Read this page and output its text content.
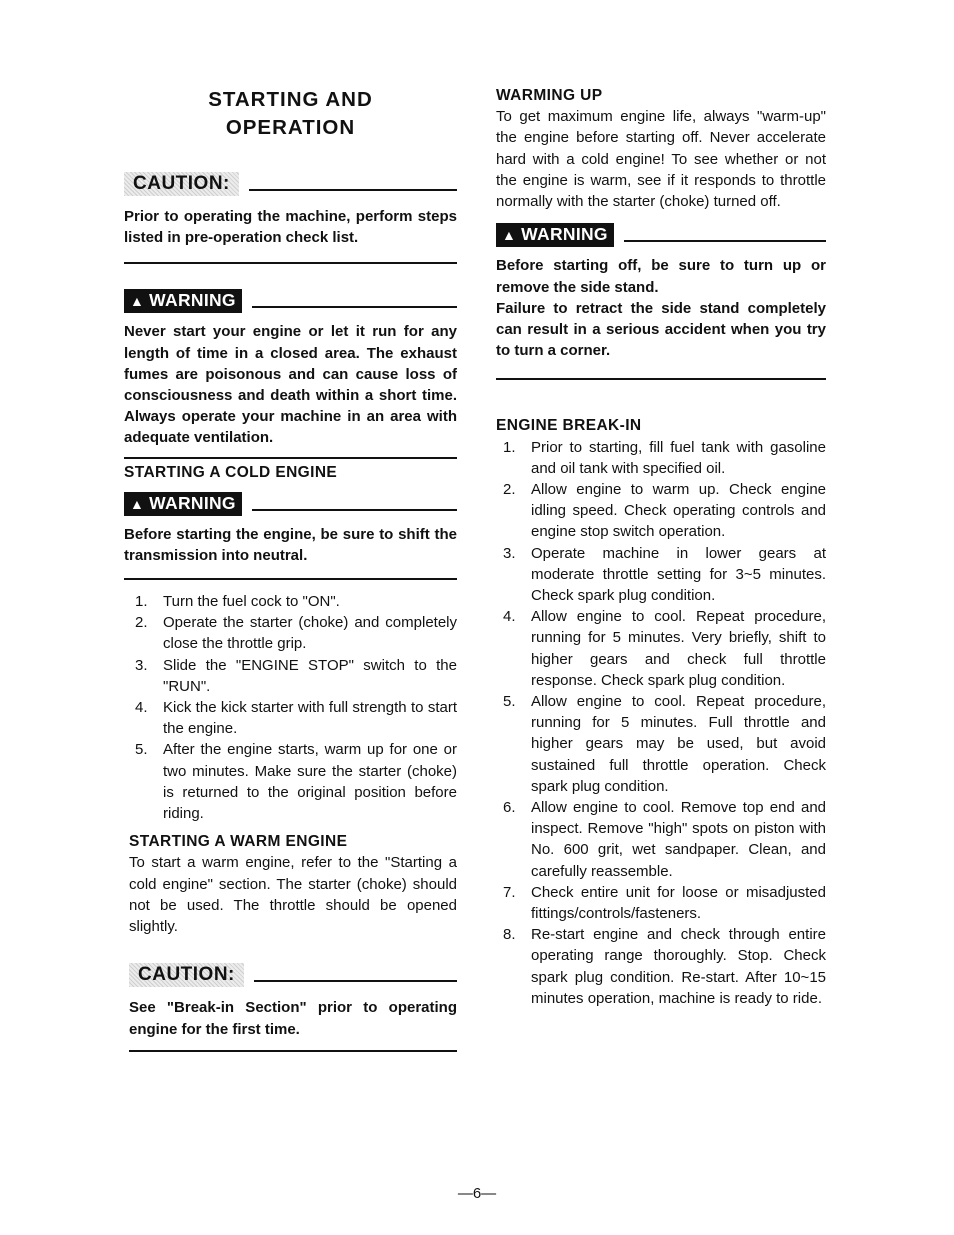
STARTING AND
OPERATION
CAUTION:

Prior to operating the machine, perform steps listed in pre-operation check list.

▲ WARNING

Never start your engine or let it run for any length of time in a closed area. The exhaust fumes are poisonous and can cause loss of consciousness and death within a short time. Always operate your machine in an area with adequate ventilation.

STARTING A COLD ENGINE
▲ WARNING

Before starting the engine, be sure to shift the transmission into neutral.

1.	Turn the fuel cock to "ON".
2.	Operate the starter (choke) and completely close the throttle grip.
3.	Slide the "ENGINE STOP" switch to the "RUN".
4.	Kick the kick starter with full strength to start the engine.
5.	After the engine starts, warm up for one or two minutes. Make sure the starter (choke) is returned to the original position before riding.
STARTING A WARM ENGINE

To start a warm engine, refer to the "Starting a cold engine" section. The starter (choke) should not be used. The throttle should be opened slightly.

CAUTION:

See "Break-in Section" prior to operating engine for the first time.

WARMING UP

To get maximum engine life, always "warm-up" the engine before starting off. Never accelerate hard with a cold engine! To see whether or not the engine is warm, see if it responds to throttle normally with the starter (choke) turned off.

▲ WARNING

Before starting off, be sure to turn up or remove the side stand.

Failure to retract the side stand completely can result in a serious accident when you try to turn a corner.

ENGINE BREAK-IN
1.	Prior to starting, fill fuel tank with gasoline and oil tank with specified oil.
2.	Allow engine to warm up. Check engine idling speed. Check operating controls and engine stop switch operation.
3.	Operate machine in lower gears at moderate throttle setting for 3~5 minutes. Check spark plug condition.
4.	Allow engine to cool. Repeat procedure, running for 5 minutes. Very briefly, shift to higher gears and check full throttle response. Check spark plug condition.
5.	Allow engine to cool. Repeat procedure, running for 5 minutes. Full throttle and higher gears may be used, but avoid sustained full throttle operation. Check spark plug condition.
6.	Allow engine to cool. Remove top end and inspect. Remove "high" spots on piston with No. 600 grit, wet sandpaper. Clean, and carefully reassemble.
7.	Check entire unit for loose or misadjusted fittings/controls/fasteners.
8.	Re-start engine and check through entire operating range thoroughly. Stop. Check spark plug condition. Re-start. After 10~15 minutes operation, machine is ready to ride.
—6—
